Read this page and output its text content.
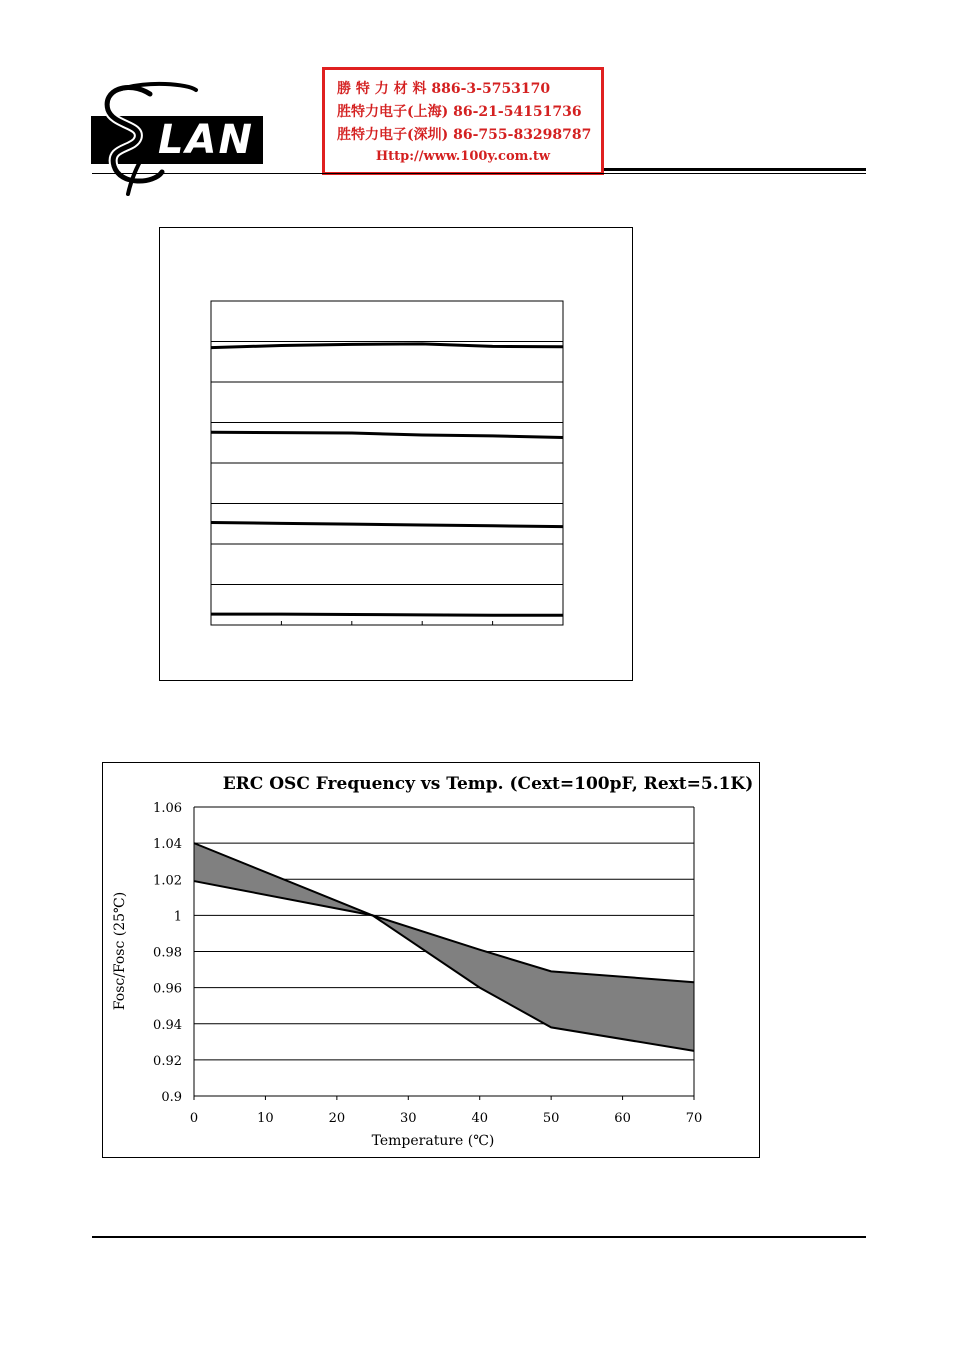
LAN
勝 特 力 材 料 886-3-5753170
胜特力电子(上海) 86-21-54151736
胜特力电子(深圳) 86-755-83298787
Http://www.100y.com.tw
ERC OSC Frequency vs Temp. (Cext=100pF, Rext=5.1K)
Temperature (℃)
Fosc/Fosc (25℃)
0.9
0.92
0.94
0.96
0.98
1
1.02
1.04
1.06
0	10	20	30	40	50	60	70
